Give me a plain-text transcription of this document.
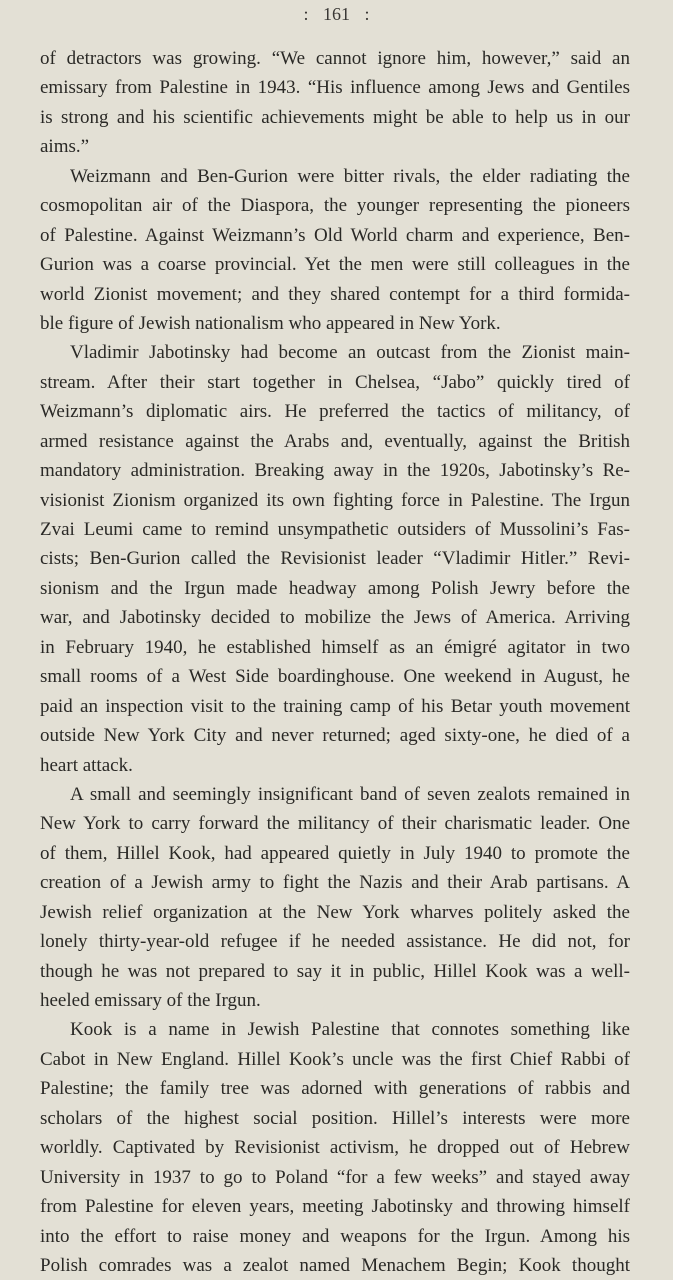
: 161 :
of detractors was growing. “We cannot ignore him, however,” said an
emissary from Palestine in 1943. “His influence among Jews and Gentiles
is strong and his scientific achievements might be able to help us in our
aims.”
Weizmann and Ben-Gurion were bitter rivals, the elder radiating the
cosmopolitan air of the Diaspora, the younger representing the pioneers
of Palestine. Against Weizmann’s Old World charm and experience, Ben-
Gurion was a coarse provincial. Yet the men were still colleagues in the
world Zionist movement; and they shared contempt for a third formida-
ble figure of Jewish nationalism who appeared in New York.
Vladimir Jabotinsky had become an outcast from the Zionist main-
stream. After their start together in Chelsea, “Jabo” quickly tired of
Weizmann’s diplomatic airs. He preferred the tactics of militancy, of
armed resistance against the Arabs and, eventually, against the British
mandatory administration. Breaking away in the 1920s, Jabotinsky’s Re-
visionist Zionism organized its own fighting force in Palestine. The Irgun
Zvai Leumi came to remind unsympathetic outsiders of Mussolini’s Fas-
cists; Ben-Gurion called the Revisionist leader “Vladimir Hitler.” Revi-
sionism and the Irgun made headway among Polish Jewry before the
war, and Jabotinsky decided to mobilize the Jews of America. Arriving
in February 1940, he established himself as an émigré agitator in two
small rooms of a West Side boardinghouse. One weekend in August, he
paid an inspection visit to the training camp of his Betar youth movement
outside New York City and never returned; aged sixty-one, he died of a
heart attack.
A small and seemingly insignificant band of seven zealots remained in
New York to carry forward the militancy of their charismatic leader. One
of them, Hillel Kook, had appeared quietly in July 1940 to promote the
creation of a Jewish army to fight the Nazis and their Arab partisans. A
Jewish relief organization at the New York wharves politely asked the
lonely thirty-year-old refugee if he needed assistance. He did not, for
though he was not prepared to say it in public, Hillel Kook was a well-
heeled emissary of the Irgun.
Kook is a name in Jewish Palestine that connotes something like
Cabot in New England. Hillel Kook’s uncle was the first Chief Rabbi of
Palestine; the family tree was adorned with generations of rabbis and
scholars of the highest social position. Hillel’s interests were more
worldly. Captivated by Revisionist activism, he dropped out of Hebrew
University in 1937 to go to Poland “for a few weeks” and stayed away
from Palestine for eleven years, meeting Jabotinsky and throwing himself
into the effort to raise money and weapons for the Irgun. Among his
Polish comrades was a zealot named Menachem Begin; Kook thought
